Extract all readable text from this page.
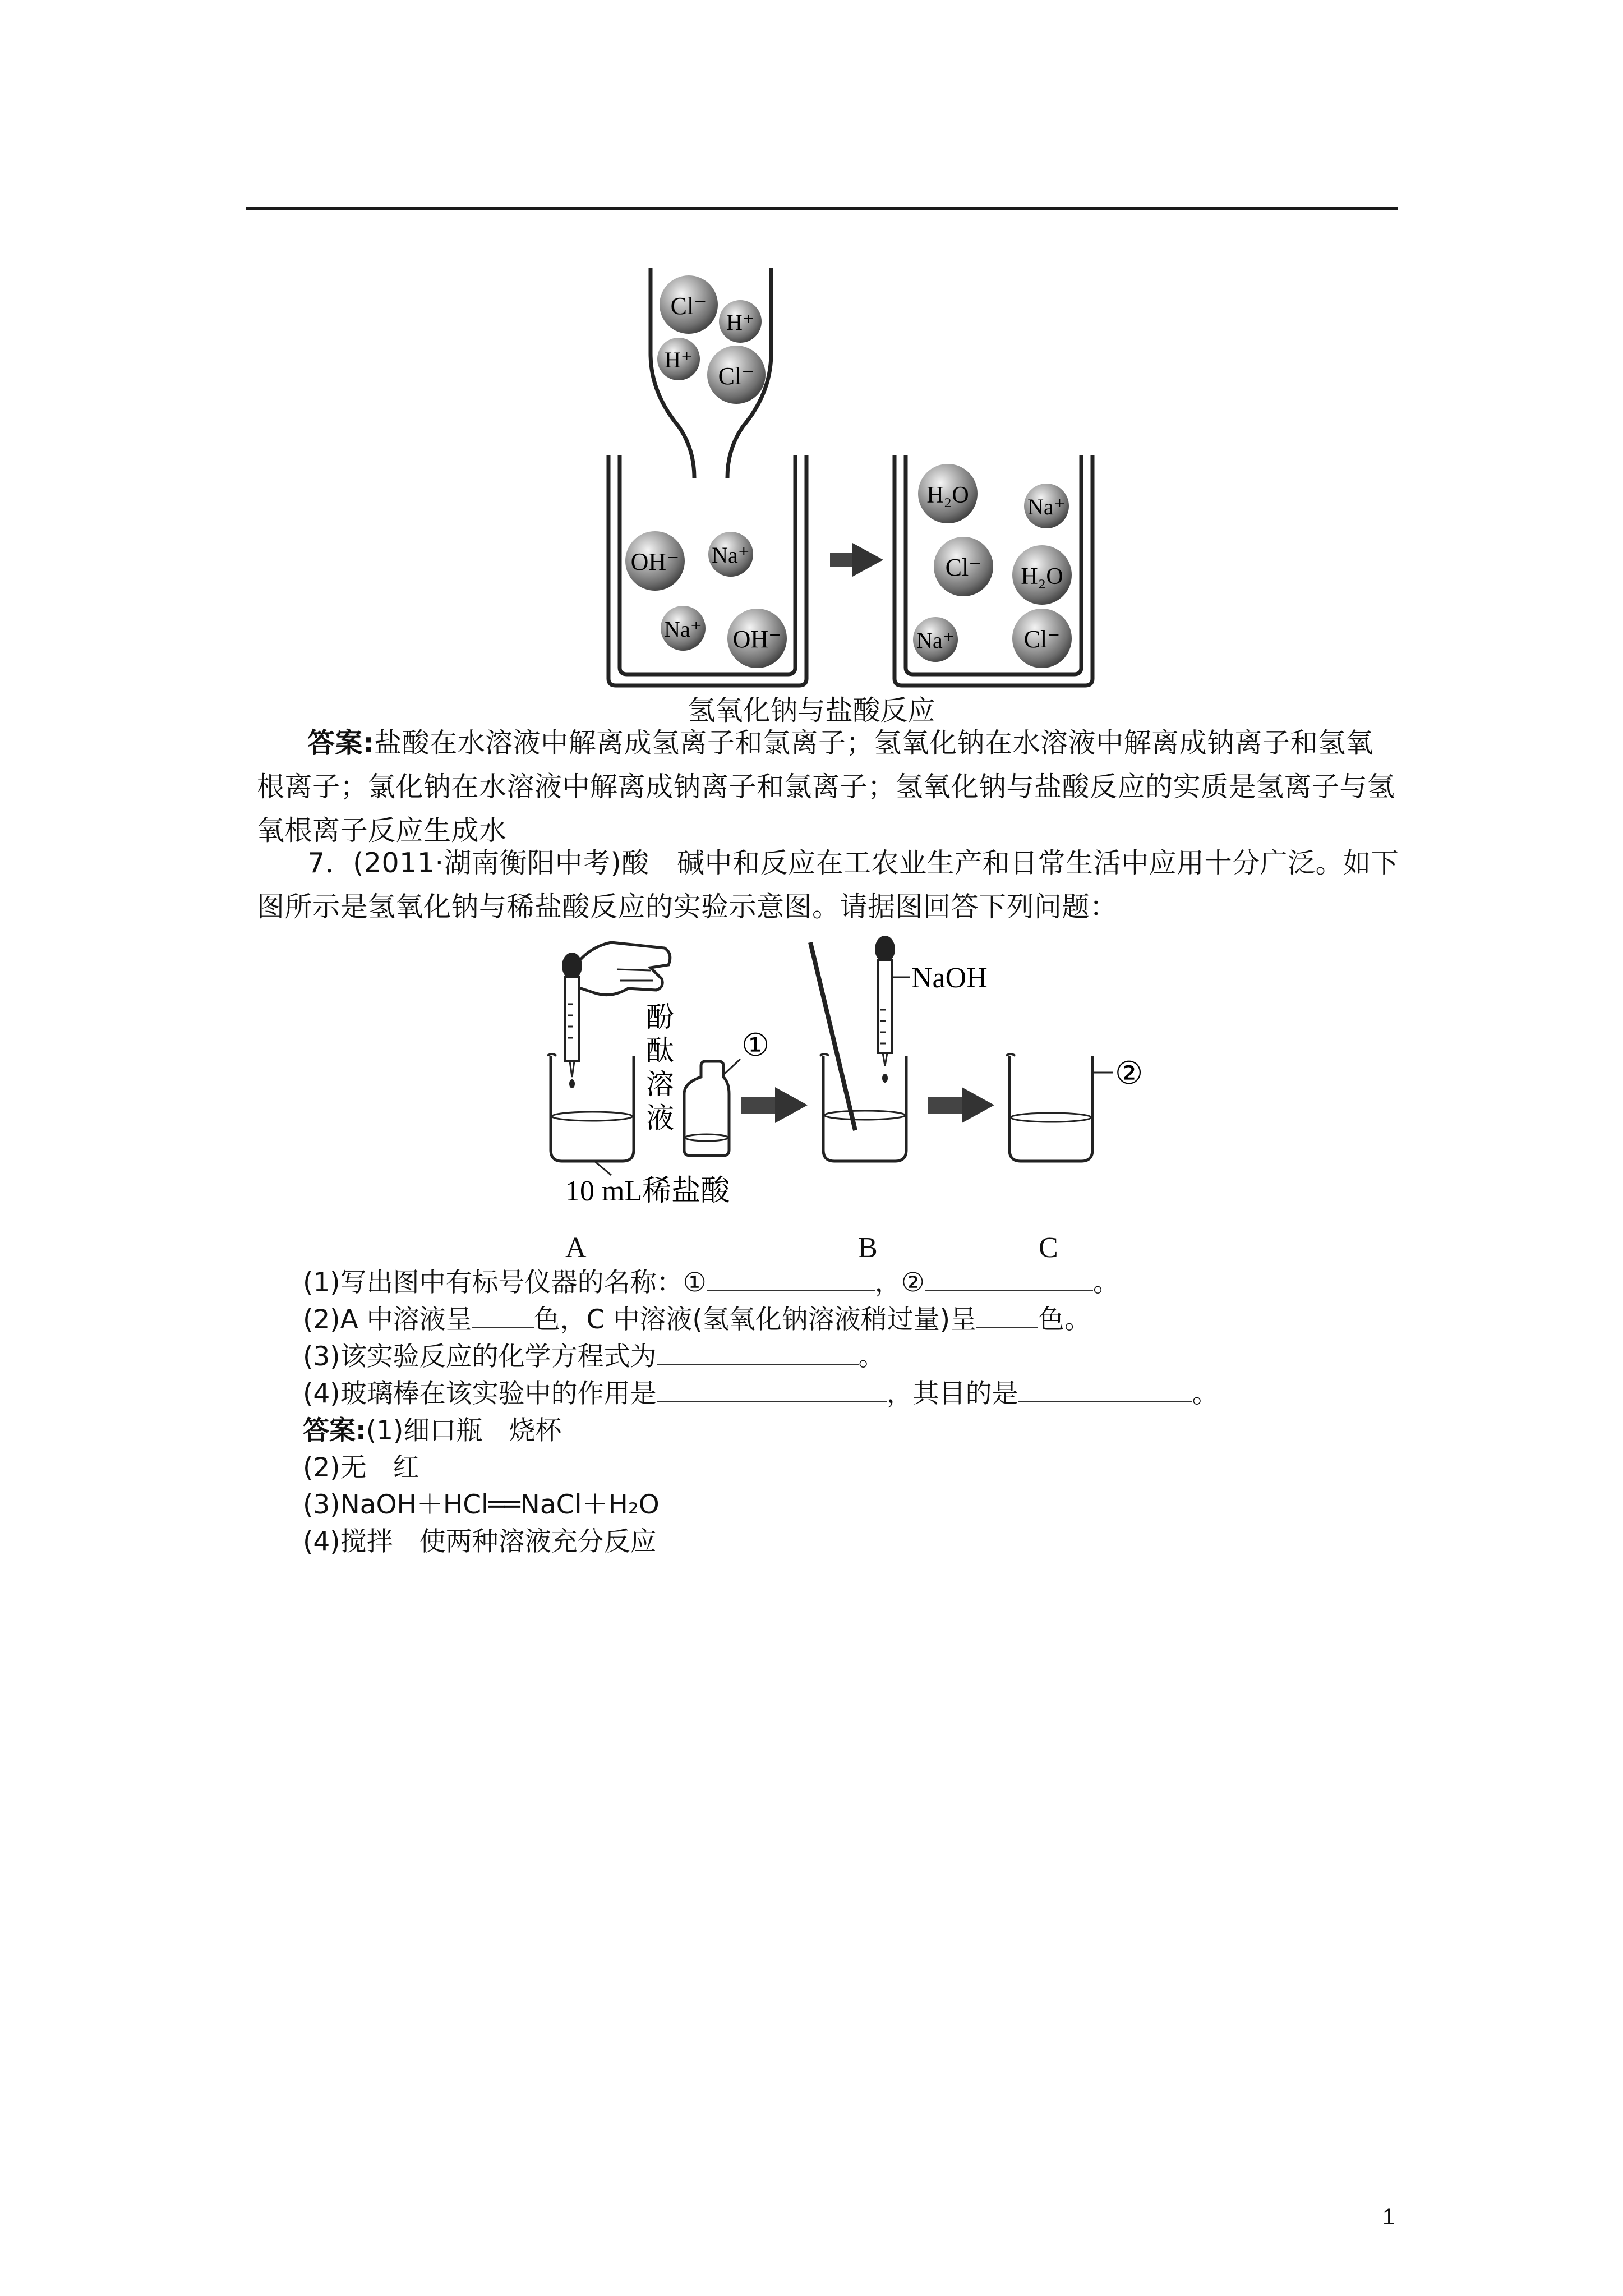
Cl⁻
H⁺
H⁺
Cl⁻
OH⁻ Na⁺
Na⁺ OH⁻
H₂O	Na⁺
Cl⁻ H₂O
Na⁺	Cl⁻
氢氧化钠与盐酸反应
答案:盐酸在水溶液中解离成氢离子和氯离子；氢氧化钠在水溶液中解离成钠离子和氢氧根离子；氯化钠在水溶液中解离成钠离子和氯离子；氢氧化钠与盐酸反应的实质是氢离子与氢氧根离子反应生成水
7．(2011·湖南衡阳中考)酸　碱中和反应在工农业生产和日常生活中应用十分广泛。如下图所示是氢氧化钠与稀盐酸反应的实验示意图。请据图回答下列问题：
酚
酞
溶
液
①
NaOH
②
10 mL稀盐酸
A	B	C
(1)写出图中有标号仪器的名称：①	，②	。
(2)A 中溶液呈 色，C 中溶液(氢氧化钠溶液稍过量)呈 色。
(3)该实验反应的化学方程式为	。
(4)玻璃棒在该实验中的作用是	，其目的是	。
答案:(1)细口瓶　烧杯
(2)无　红
(3)NaOH＋HCl══NaCl＋H₂O
(4)搅拌　使两种溶液充分反应
1
